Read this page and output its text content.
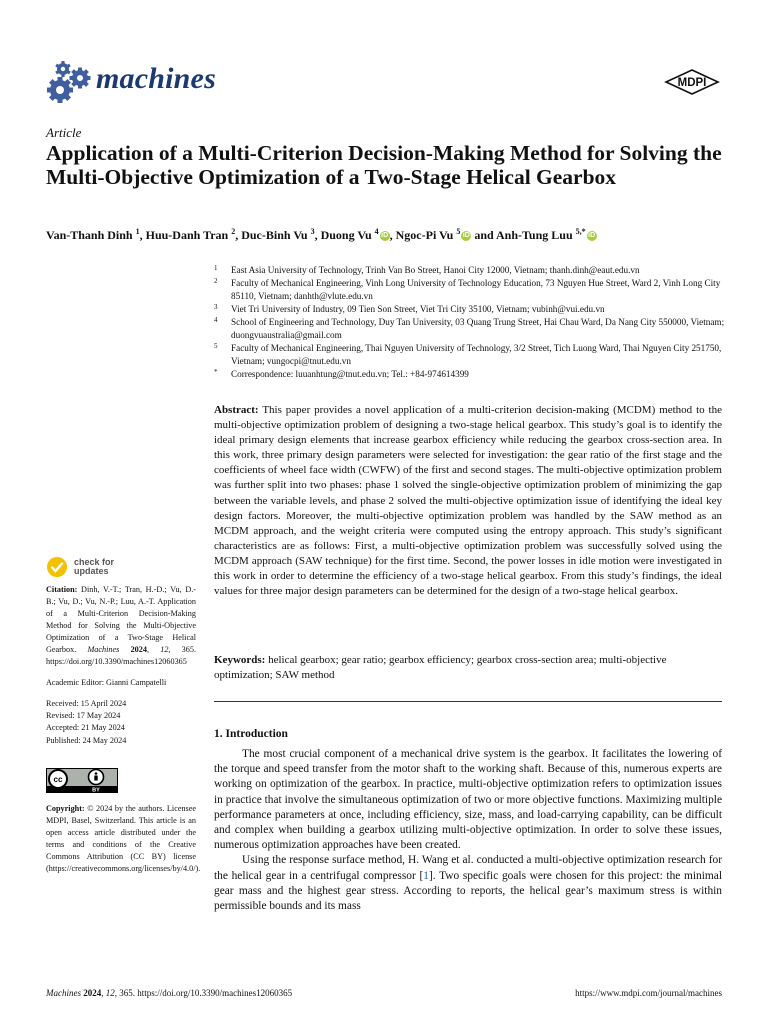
machines	MDPI
Article
Application of a Multi-Criterion Decision-Making Method for Solving the Multi-Objective Optimization of a Two-Stage Helical Gearbox
Van-Thanh Dinh $^1$, Huu-Danh Tran $^2$, Duc-Binh Vu $^3$, Duong Vu $^4$ iD , Ngoc-Pi Vu $^5$ iD and Anh-Tung Luu $^{5,*}$ iD
1 East Asia University of Technology, Trinh Van Bo Street, Hanoi City 12000, Vietnam; thanh.dinh@eaut.edu.vn
2 Faculty of Mechanical Engineering, Vinh Long University of Technology Education, 73 Nguyen Hue Street, Ward 2, Vinh Long City 85110, Vietnam; danhth@vlute.edu.vn
3 Viet Tri University of Industry, 09 Tien Son Street, Viet Tri City 35100, Vietnam; vubinh@vui.edu.vn
4 School of Engineering and Technology, Duy Tan University, 03 Quang Trung Street, Hai Chau Ward, Da Nang City 550000, Vietnam; duongvuaustralia@gmail.com
5 Faculty of Mechanical Engineering, Thai Nguyen University of Technology, 3/2 Street, Tich Luong Ward, Thai Nguyen City 251750, Vietnam; vungocpi@tnut.edu.vn
* Correspondence: luuanhtung@tnut.edu.vn; Tel.: +84-974614399
Abstract: This paper provides a novel application of a multi-criterion decision-making (MCDM) method to the multi-objective optimization problem of designing a two-stage helical gearbox. This study’s goal is to identify the ideal primary design elements that increase gearbox efficiency while reducing the gearbox cross-section area. In this work, three primary design parameters were selected for investigation: the gear ratio of the first stage and the coefficients of wheel face width (CWFW) of the first and second stages. The multi-objective optimization problem was further split into two phases: phase 1 solved the single-objective optimization problem of minimizing the gap between the variable levels, and phase 2 solved the multi-objective optimization issue of identifying the ideal key design factors. Moreover, the multi-objective optimization problem was handled by the SAW method as an MCDM approach, and the weight criteria were computed using the entropy approach. This study’s significant characteristics are as follows: First, a multi-objective optimization problem was successfully solved using the MCDM approach (SAW technique) for the first time. Second, the power losses in idle motion were investigated in this work in order to determine the efficiency of a two-stage helical gearbox. From this study’s findings, the ideal values for three major design parameters can be determined for the design of a two-stage helical gearbox.
Keywords: helical gearbox; gear ratio; gearbox efficiency; gearbox cross-section area; multi-objective optimization; SAW method
1. Introduction

The most crucial component of a mechanical drive system is the gearbox. It facilitates the lowering of the torque and speed transfer from the motor shaft to the working shaft. Because of this, numerous experts are working on optimization of the gearbox. In practice, multi-objective optimization refers to optimization issues in practice that involve the simultaneous optimization of two or more objective functions. Maximizing multiple performance parameters at once, including efficiency, size, mass, and load-carrying capability, can be difficult and complex when building a gearbox utilizing multi-objective optimization. In order to solve these issues, numerous optimization approaches have been created.

Using the response surface method, H. Wang et al. conducted a multi-objective optimization research for the helical gear in a centrifugal compressor [1]. Two specific goals were chosen for this project: the minimal gear mass and the highest gear stress. According to reports, the helical gear’s maximum stress is within permissible bounds and its mass

check for
updates
Citation: Dinh, V.-T.; Tran, H.-D.; Vu, D.-B.; Vu, D.; Vu, N.-P.; Luu, A.-T. Application of a Multi-Criterion Decision-Making Method for Solving the Multi-Objective Optimization of a Two-Stage Helical Gearbox. Machines 2024, 12, 365. https://doi.org/10.3390/machines12060365
Academic Editor: Gianni Campatelli
Received: 15 April 2024
Revised: 17 May 2024
Accepted: 21 May 2024
Published: 24 May 2024
cc
BY
Copyright: © 2024 by the authors. Licensee MDPI, Basel, Switzerland. This article is an open access article distributed under the terms and conditions of the Creative Commons Attribution (CC BY) license (https://creativecommons.org/licenses/by/4.0/).
Machines 2024, 12, 365. https://doi.org/10.3390/machines12060365	https://www.mdpi.com/journal/machines
